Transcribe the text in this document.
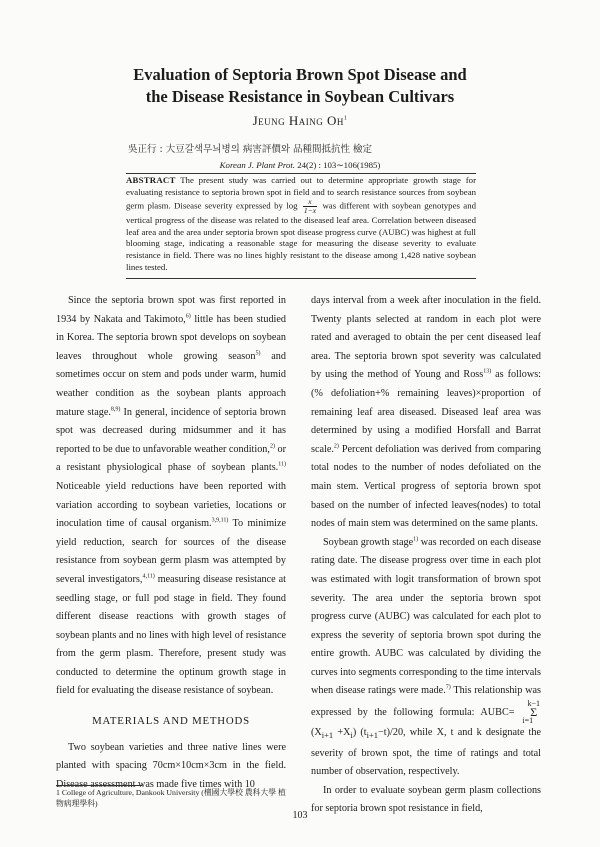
Evaluation of Septoria Brown Spot Disease and
the Disease Resistance in Soybean Cultivars
Jeung Haing Oh$^1$
吳正行 : 大豆갈색무늬병의 病害評價와 品種間抵抗性 檢定
Korean J. Plant Prot. 24(2) : 103∼106(1985)
ABSTRACT The present study was carried out to determine appropriate growth stage for evaluating resistance to septoria brown spot in field and to search resistance sources from soybean germ plasm. Disease severity expressed by $\log \frac{x}{1-x}$ was different with soybean genotypes and vertical progress of the disease was related to the diseased leaf area. Correlation between diseased leaf area and the area under septoria brown spot disease progress curve (AUBC) was highest at full blooming stage, indicating a reasonable stage for measuring the disease severity to evaluate resistance in field. There was no lines highly resistant to the disease among 1,428 native soybean lines tested.

Since the septoria brown spot was first reported in 1934 by Nakata and Takimoto,$^{6)}$ little has been studied in Korea. The septoria brown spot develops on soybean leaves throughout whole growing season$^{5)}$ and sometimes occur on stem and pods under warm, humid weather condition as the soybean plants approach mature stage.$^{8,9)}$ In general, incidence of septoria brown spot was decreased during midsummer and it has reported to be due to unfavorable weather condition,$^{2)}$ or a resistant physiological phase of soybean plants.$^{11)}$ Noticeable yield reductions have been reported with variation according to soybean varieties, locations or inoculation time of causal organism.$^{3,9,11)}$ To minimize yield reduction, search for sources of the disease resistance from soybean germ plasm was attempted by several investigators,$^{4,11)}$ measuring disease resistance at seedling stage, or full pod stage in field. They found different disease reactions with growth stages of soybean plants and no lines with high level of resistance from the germ plasm. Therefore, present study was conducted to determine the optinum growth stage in field for evaluating the disease resistance of soybean.

MATERIALS AND METHODS

Two soybean varieties and three native lines were planted with spacing 70cm×10cm×3cm in the field. Disease assessment was made five times with 10

days interval from a week after inoculation in the field. Twenty plants selected at random in each plot were rated and averaged to obtain the per cent diseased leaf area. The septoria brown spot severity was calculated by using the method of Young and Ross$^{13)}$ as follows: (% defoliation+% remaining leaves)×proportion of remaining leaf area diseased. Diseased leaf area was determined by using a modified Horsfall and Barrat scale.$^{2)}$ Percent defoliation was derived from comparing total nodes to the number of nodes defoliated on the main stem. Vertical progress of septoria brown spot based on the number of infected leaves(nodes) to total nodes of main stem was determined on the same plants.

Soybean growth stage$^{1)}$ was recorded on each disease rating date. The disease progress over time in each plot was estimated with logit transformation of brown spot severity. The area under the septoria brown spot progress curve (AUBC) was calculated for each plot to express the severity of septoria brown spot during the entire growth. AUBC was calculated by dividing the curves into segments corresponding to the time intervals when disease ratings were made.$^{7)}$ This relationship was expressed by the following formula: AUBC=k−1
Σ
$i=1(X_{i+1} +X_i)$ $(t_{i+1}-t)/20$, while X, t and k designate the severity of brown spot, the time of ratings and total number of observation, respectively.

In order to evaluate soybean germ plasm collections for septoria brown spot resistance in field,

1 College of Agriculture, Dankook University (檀國大學校 農科大學 植物病理學科)
103
